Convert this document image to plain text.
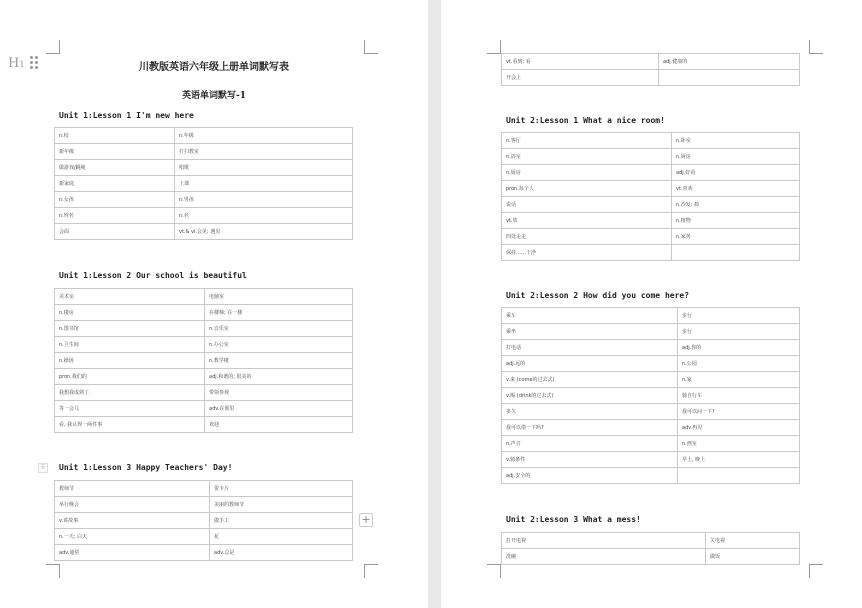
H1	川教版英语六年级上册单词默写表
英语单词默写-1
Unit 1:Lesson 1 I'm new here
n.校	n.年级
新年级	打扫教室
做游戏/跳绳	唱歌
新家庭	上课
n.女孩	n.男孩
n.姓名	n.名
会面	vt.& vi.会见; 遇见
Unit 1:Lesson 2 Our school is beautiful
美术室	电脑室
n.楼房	在楼梯; 在一楼
n.图书馆	n.音乐室
n.卫生间	n.办公室
n.操场	n.教学楼
pron.我们的	adj.和谐的; 很美的
我想我成熟了.	带领参观
等一会儿	adv.在那里
看, 我认得一两件事	欢迎
⠿	Unit 1:Lesson 3 Happy Teachers' Day!
教师节	贺卡片
举行晚会	美丽的教师节
v.讲故事	做手工
n.一天; 白天	花
adv.通常	adv.总是
+
vt.看到; 看	adj.健康的
开会上	
Unit 2:Lesson 1 What a nice room!
n.客厅	n.卧室
n.浴室	n.厨房
n.厨房	adj.好看
pron.每个人	vt.喜欢
说话	n.沙发; 椅
vt.放	n.植物
四处走走	n.家务
保持……干净	
Unit 2:Lesson 2 How did you come here?
乘车	步行
乘坐	步行
打电话	adj.你的
adj.远的	n.公园
v.来 (come的过去式)	n.家
v.喝 (drink的过去式)	骑自行车
多久	我可以问一下?
我可以借一下吗?	adv.再见
n.声音	n.画室
v.骑条件	早上, 晚上
adj.安全的	
Unit 2:Lesson 3 What a mess!
打开电视	关电视
洗碗	做饭
